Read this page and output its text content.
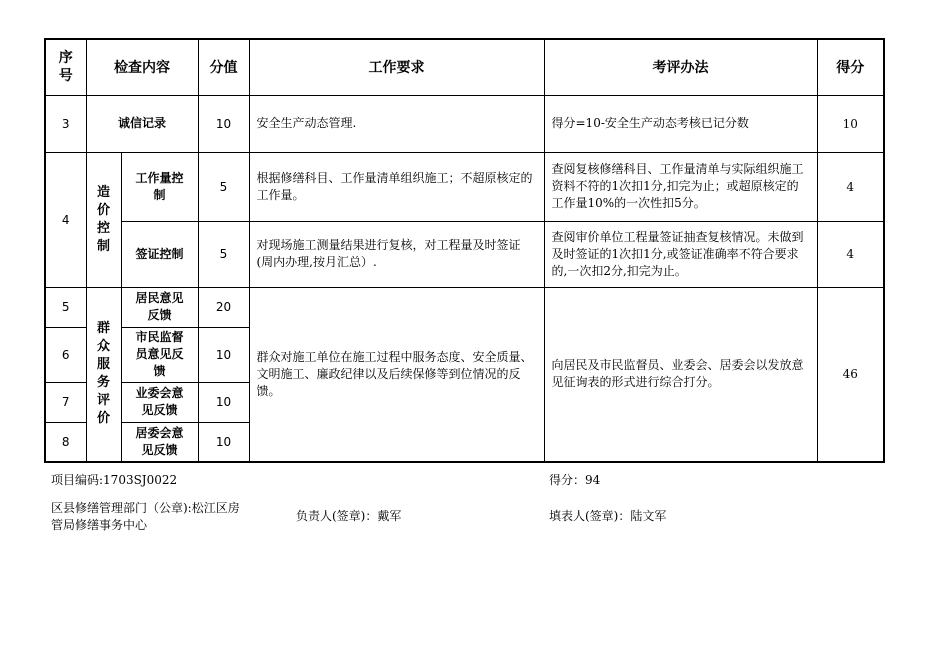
序号	检查内容		分值	工作要求	考评办法	得分
3	诚信记录		10	安全生产动态管理.	得分=10-安全生产动态考核已记分数	10
4	造价控制	工作量控制	5	根据修缮科目、工作量清单组织施工；不超原核定的工作量。	查阅复核修缮科目、工作量清单与实际组织施工资料不符的1次扣1分,扣完为止；或超原核定的工作量10%的一次性扣5分。	4
		签证控制	5	对现场施工测量结果进行复核，对工程量及时签证(周内办理,按月汇总）.	查阅审价单位工程量签证抽查复核情况。未做到及时签证的1次扣1分,或签证准确率不符合要求的,一次扣2分,扣完为止。	4
5	群众服务评价	居民意见反馈	20	群众对施工单位在施工过程中服务态度、安全质量、文明施工、廉政纪律以及后续保修等到位情况的反馈。	向居民及市民监督员、业委会、居委会以发放意见征询表的形式进行综合打分。	46
6		市民监督员意见反馈	10			
7		业委会意见反馈	10			
8		居委会意见反馈	10			
项目编码:1703SJ0022	得分：94
区县修缮管理部门（公章):松江区房管局修缮事务中心
负责人(签章)：戴军	填表人(签章)：陆文军
